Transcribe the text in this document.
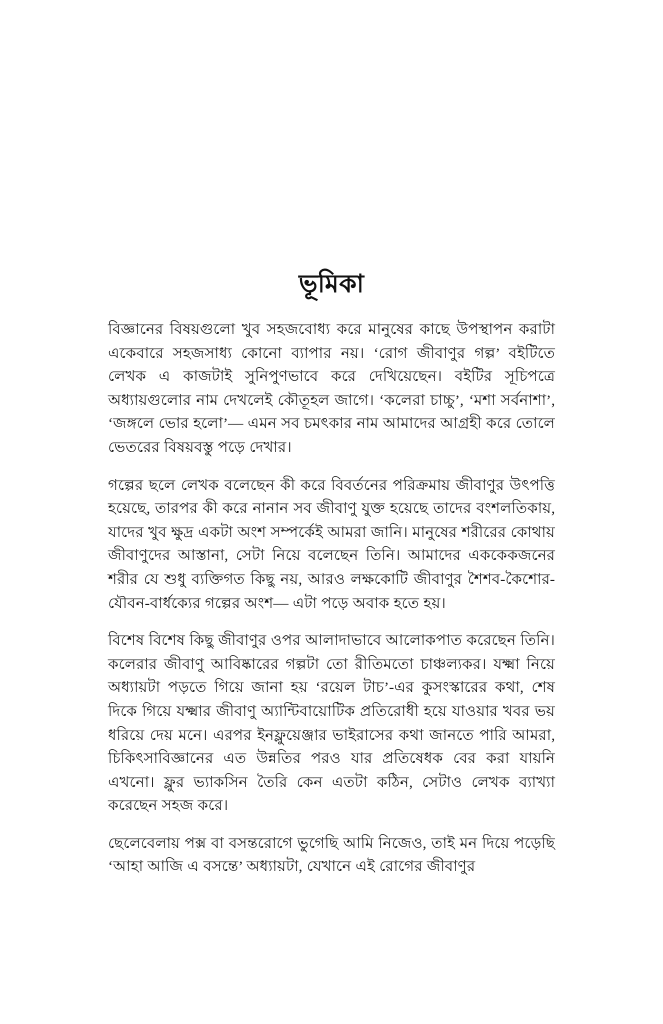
ভূমিকা

বিজ্ঞানের বিষয়গুলো খুব সহজবোধ্য করে মানুষের কাছে উপস্থাপন করাটা একেবারে সহজসাধ্য কোনো ব্যাপার নয়। ‘রোগ জীবাণুর গল্প’ বইটিতে লেখক এ কাজটাই সুনিপুণভাবে করে দেখিয়েছেন। বইটির সূচিপত্রে অধ্যায়গুলোর নাম দেখলেই কৌতূহল জাগে। ‘কলেরা চাচ্চু’, ‘মশা সর্বনাশা’, ‘জঙ্গলে ভোর হলো’— এমন সব চমৎকার নাম আমাদের আগ্রহী করে তোলে ভেতরের বিষয়বস্তু পড়ে দেখার।

গল্পের ছলে লেখক বলেছেন কী করে বিবর্তনের পরিক্রমায় জীবাণুর উৎপত্তি হয়েছে, তারপর কী করে নানান সব জীবাণু যুক্ত হয়েছে তাদের বংশলতিকায়, যাদের খুব ক্ষুদ্র একটা অংশ সম্পর্কেই আমরা জানি। মানুষের শরীরের কোথায় জীবাণুদের আস্তানা, সেটা নিয়ে বলেছেন তিনি। আমাদের এককেকজনের শরীর যে শুধু ব্যক্তিগত কিছু নয়, আরও লক্ষকোটি জীবাণুর শৈশব-কৈশোর-যৌবন-বার্ধক্যের গল্পের অংশ— এটা পড়ে অবাক হতে হয়।

বিশেষ বিশেষ কিছু জীবাণুর ওপর আলাদাভাবে আলোকপাত করেছেন তিনি। কলেরার জীবাণু আবিষ্কারের গল্পটা তো রীতিমতো চাঞ্চল্যকর। যক্ষ্মা নিয়ে অধ্যায়টা পড়তে গিয়ে জানা হয় ‘রয়েল টাচ’-এর কুসংস্কারের কথা, শেষ দিকে গিয়ে যক্ষ্মার জীবাণু অ্যান্টিবায়োটিক প্রতিরোধী হয়ে যাওয়ার খবর ভয় ধরিয়ে দেয় মনে। এরপর ইনফ্লুয়েঞ্জার ভাইরাসের কথা জানতে পারি আমরা, চিকিৎসাবিজ্ঞানের এত উন্নতির পরও যার প্রতিষেধক বের করা যায়নি এখনো। ফ্লুর ভ্যাকসিন তৈরি কেন এতটা কঠিন, সেটাও লেখক ব্যাখ্যা করেছেন সহজ করে।

ছেলেবেলায় পক্স বা বসন্তরোগে ভুগেছি আমি নিজেও, তাই মন দিয়ে পড়েছি ‘আহা আজি এ বসন্তে’ অধ্যায়টা, যেখানে এই রোগের জীবাণুর
